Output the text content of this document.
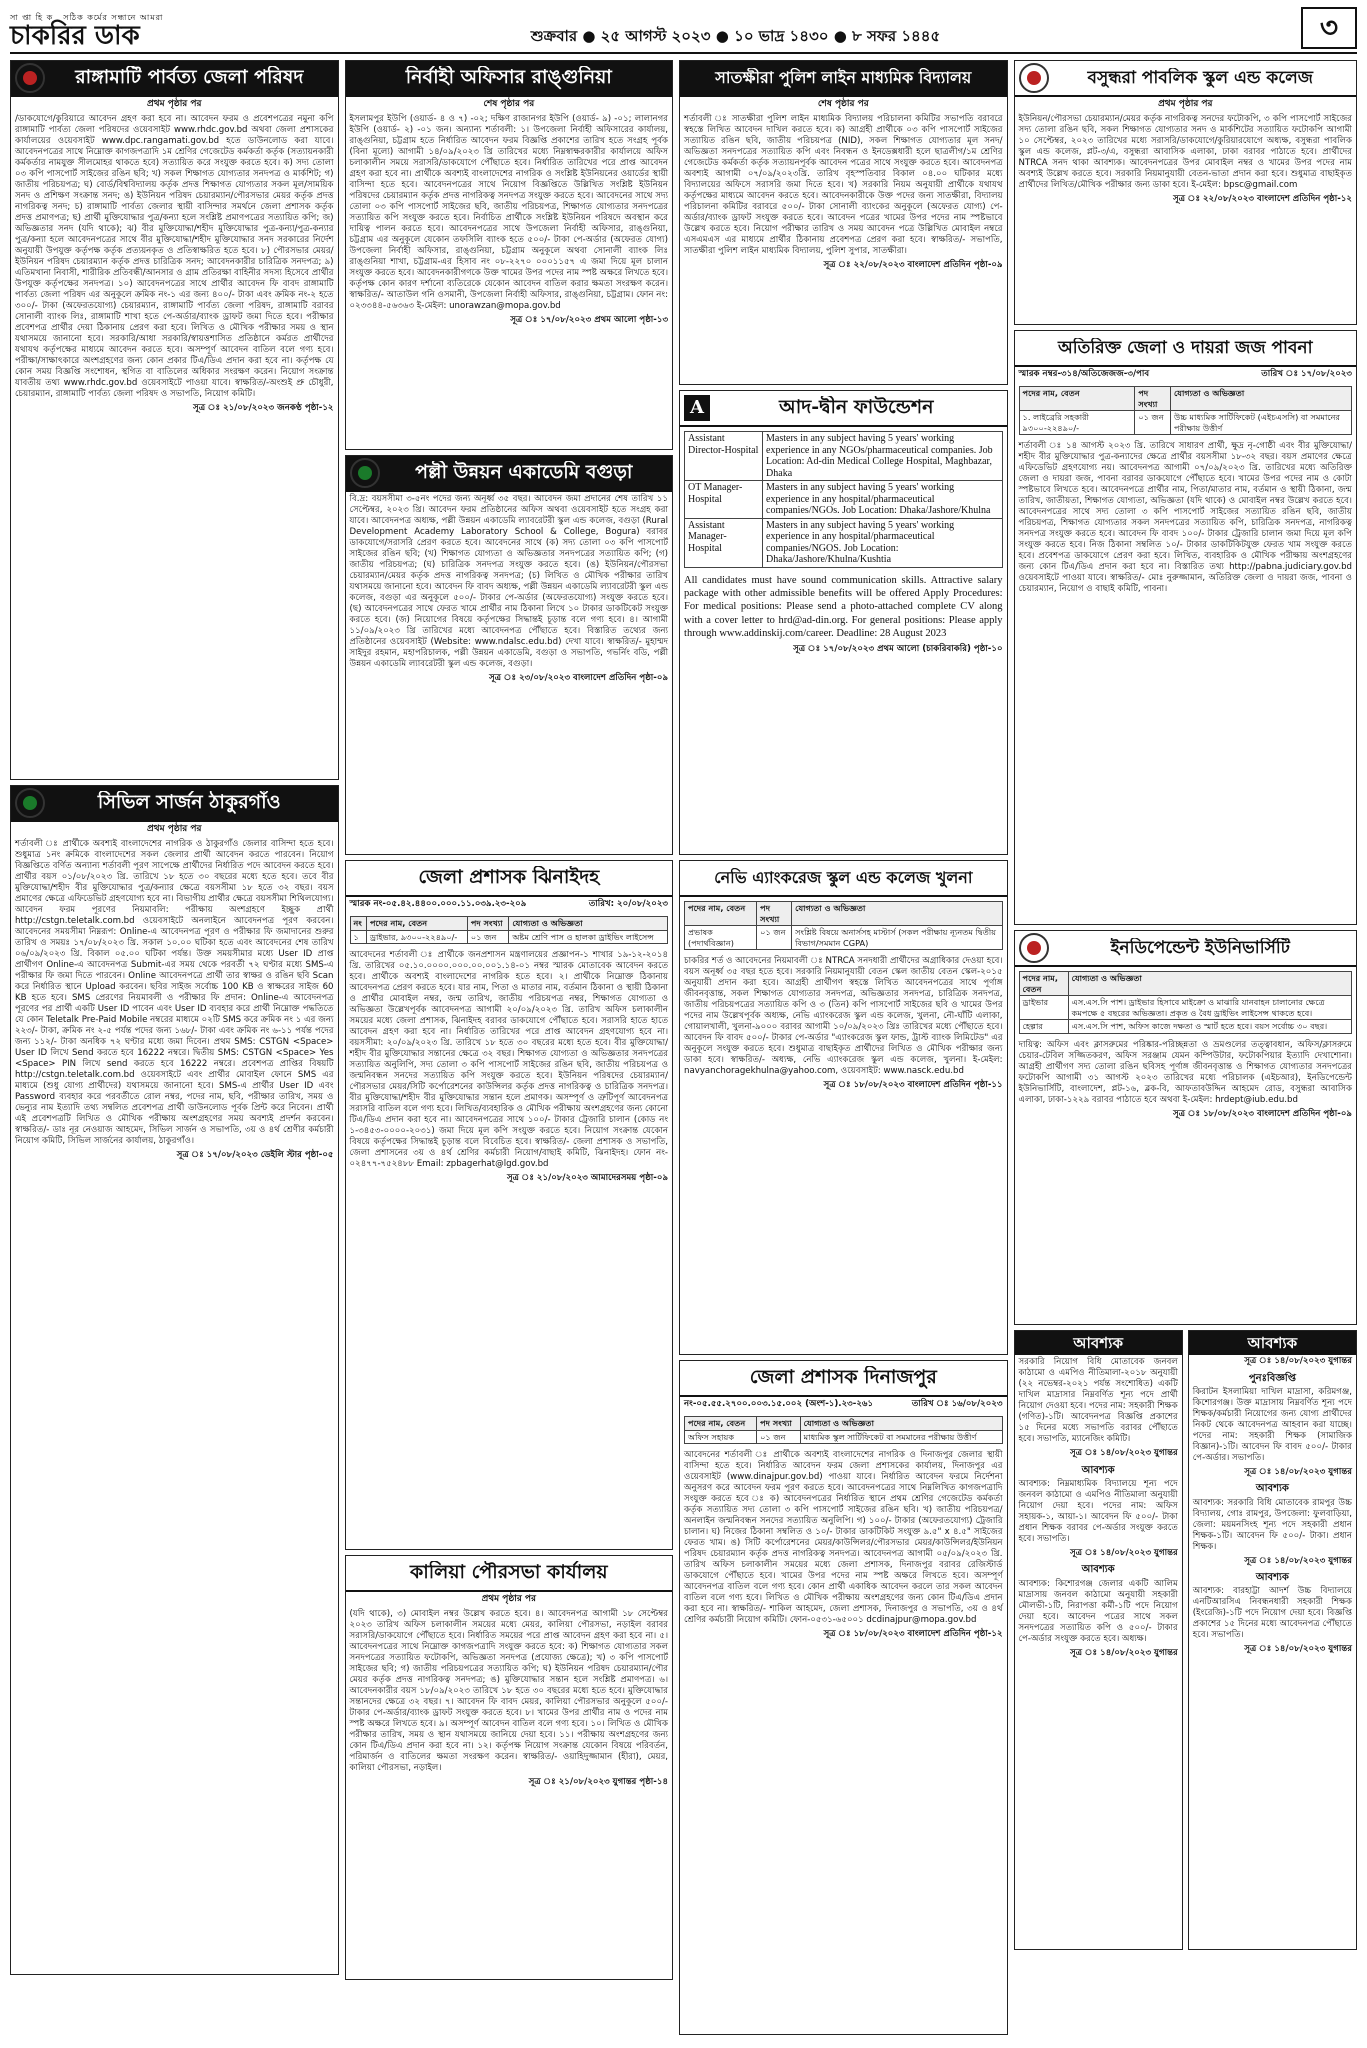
সা প্তা হি ক সঠিক কর্মের সন্ধানে আমরা
চাকরির ডাক	শুক্রবার ● ২৫ আগস্ট ২০২৩ ● ১০ ভাদ্র ১৪৩০ ● ৮ সফর ১৪৪৫	৩
রাঙ্গামাটি পার্বত্য জেলা পরিষদ
প্রথম পৃষ্ঠার পর
/ডাকযোগে/কুরিয়ারে আবেদন গ্রহণ করা হবে না। আবেদন ফরম ও প্রবেশপত্রের নমুনা কপি রাঙ্গামাটি পার্বত্য জেলা পরিষদের ওয়েবসাইট www.rhdc.gov.bd অথবা জেলা প্রশাসকের কার্যালয়ের ওয়েবসাইট www.dpc.rangamati.gov.bd হতে ডাউনলোড করা যাবে। আবেদনপত্রের সাথে নিম্নোক্ত কাগজপত্রাদি ১ম শ্রেণির গেজেটেড কর্মকর্তা কর্তৃক (সত্যায়নকারী কর্মকর্তার নামযুক্ত সীলমোহর থাকতে হবে) সত্যায়িত করে সংযুক্ত করতে হবে। ক) সদ্য তোলা ০৩ কপি পাসপোর্ট সাইজের রঙিন ছবি; খ) সকল শিক্ষাগত যোগ্যতার সনদপত্র ও মার্কশিট; গ) জাতীয় পরিচয়পত্র; ঘ) বোর্ড/বিশ্ববিদ্যালয় কর্তৃক প্রদত্ত শিক্ষাগত যোগ্যতার সকল মূল/সাময়িক সনদ ও প্রশিক্ষণ সংক্রান্ত সনদ; ঙ) ইউনিয়ন পরিষদ চেয়ারম্যান/পৌরসভার মেয়র কর্তৃক প্রদত্ত নাগরিকত্ব সনদ; চ) রাঙ্গামাটি পার্বত্য জেলার স্থায়ী বাসিন্দার সমর্থনে জেলা প্রশাসক কর্তৃক প্রদত্ত প্রমাণপত্র; ছ) প্রার্থী মুক্তিযোদ্ধার পুত্র/কন্যা হলে সংশ্লিষ্ট প্রমাণপত্রের সত্যায়িত কপি; জ) অভিজ্ঞতার সনদ (যদি থাকে); ঝ) বীর মুক্তিযোদ্ধা/শহীদ মুক্তিযোদ্ধার পুত্র-কন্যা/পুত্র-কন্যার পুত্র/কন্যা হলে আবেদনপত্রের সাথে বীর মুক্তিযোদ্ধা/শহীদ মুক্তিযোদ্ধার সনদ সরকারের নির্দেশ অনুযায়ী উপযুক্ত কর্তৃপক্ষ কর্তৃক প্রত্যয়নকৃত ও প্রতিস্বাক্ষরিত হতে হবে। ৮) পৌরসভার মেয়র/ইউনিয়ন পরিষদ চেয়ারম্যান কর্তৃক প্রদত্ত চারিত্রিক সনদ; আবেদনকারীর চারিত্রিক সনদপত্র; ৯) এতিমখানা নিবাসী, শারীরিক প্রতিবন্ধী/আনসার ও গ্রাম প্রতিরক্ষা বাহিনীর সদস্য হিসেবে প্রার্থীর উপযুক্ত কর্তৃপক্ষের সনদপত্র। ১০) আবেদনপত্রের সাথে প্রার্থীর আবেদন ফি বাবদ রাঙ্গামাটি পার্বত্য জেলা পরিষদ এর অনুকূলে ক্রমিক নং-১ এর জন্য ৪০০/- টাকা এবং ক্রমিক নং-২ হতে ৩০০/- টাকা (অফেরতযোগ্য) চেয়ারম্যান, রাঙ্গামাটি পার্বত্য জেলা পরিষদ, রাঙ্গামাটি বরাবর সোনালী ব্যাংক লিঃ, রাঙ্গামাটি শাখা হতে পে-অর্ডার/ব্যাংক ড্রাফট জমা দিতে হবে। পরীক্ষার প্রবেশপত্র প্রার্থীর দেয়া ঠিকানায় প্রেরণ করা হবে। লিখিত ও মৌখিক পরীক্ষার সময় ও স্থান যথাসময়ে জানানো হবে। সরকারি/আধা সরকারি/স্বায়ত্তশাসিত প্রতিষ্ঠানে কর্মরত প্রার্থীদের যথাযথ কর্তৃপক্ষের মাধ্যমে আবেদন করতে হবে। অসম্পূর্ণ আবেদন বাতিল বলে গণ্য হবে। পরীক্ষা/সাক্ষাৎকারে অংশগ্রহণের জন্য কোন প্রকার টিএ/ডিএ প্রদান করা হবে না। কর্তৃপক্ষ যে কোন সময় বিজ্ঞপ্তি সংশোধন, স্থগিত বা বাতিলের অধিকার সংরক্ষণ করেন। নিয়োগ সংক্রান্ত যাবতীয় তথ্য www.rhdc.gov.bd ওয়েবসাইটে পাওয়া যাবে। স্বাক্ষরিত/-অংশুই প্রু চৌধুরী, চেয়ারম্যান, রাঙ্গামাটি পার্বত্য জেলা পরিষদ ও সভাপতি, নিয়োগ কমিটি।
সূত্র ঃ ২১/০৮/২০২৩ জনকণ্ঠ পৃষ্ঠা-১২
সিভিল সার্জন ঠাকুরগাঁও
প্রথম পৃষ্ঠার পর
শর্তাবলী ঃ প্রার্থীকে অবশ্যই বাংলাদেশের নাগরিক ও ঠাকুরগাঁও জেলার বাসিন্দা হতে হবে। শুধুমাত্র ১নং ক্রমিকে বাংলাদেশের সকল জেলার প্রার্থী আবেদন করতে পারবেন। নিয়োগ বিজ্ঞপ্তিতে বর্ণিত অন্যান্য শর্তাবলী পূরণ সাপেক্ষে প্রার্থীদের নির্ধারিত পদে আবেদন করতে হবে। প্রার্থীর বয়স ০১/০৮/২০২৩ খ্রি. তারিখে ১৮ হতে ৩০ বছরের মধ্যে হতে হবে। তবে বীর মুক্তিযোদ্ধা/শহীদ বীর মুক্তিযোদ্ধার পুত্র/কন্যার ক্ষেত্রে বয়সসীমা ১৮ হতে ৩২ বছর। বয়স প্রমাণের ক্ষেত্রে এফিডেভিট গ্রহণযোগ্য হবে না। বিভাগীয় প্রার্থীর ক্ষেত্রে বয়সসীমা শিথিলযোগ্য। আবেদন ফরম পূরণের নিয়মাবলি: পরীক্ষায় অংশগ্রহণে ইচ্ছুক প্রার্থী http://cstgn.teletalk.com.bd ওয়েবসাইটে অনলাইনে আবেদনপত্র পূরণ করবেন। আবেদনের সময়সীমা নিম্নরূপ: Online-এ আবেদনপত্র পূরণ ও পরীক্ষার ফি জমাদানের শুরুর তারিখ ও সময়ঃ ১৭/০৮/২০২৩ খ্রি. সকাল ১০.০০ ঘটিকা হতে এবং আবেদনের শেষ তারিখ ০৬/০৯/২০২৩ খ্রি. বিকাল ০৫.০০ ঘটিকা পর্যন্ত। উক্ত সময়সীমার মধ্যে User ID প্রাপ্ত প্রার্থীগণ Online-এ আবেদনপত্র Submit-এর সময় থেকে পরবর্তী ৭২ ঘণ্টার মধ্যে SMS-এ পরীক্ষার ফি জমা দিতে পারবেন। Online আবেদনপত্রে প্রার্থী তার স্বাক্ষর ও রঙিন ছবি Scan করে নির্ধারিত স্থানে Upload করবেন। ছবির সাইজ সর্বোচ্চ 100 KB ও স্বাক্ষরের সাইজ 60 KB হতে হবে। SMS প্রেরণের নিয়মাবলী ও পরীক্ষার ফি প্রদান: Online-এ আবেদনপত্র পূরণের পর প্রার্থী একটি User ID পাবেন এবং User ID ব্যবহার করে প্রার্থী নিম্নোক্ত পদ্ধতিতে যে কোন Teletalk Pre-Paid Mobile নম্বরের মাধ্যমে ০২টি SMS করে ক্রমিক নং ১ এর জন্য ২২৩/- টাকা, ক্রমিক নং ২-৫ পর্যন্ত পদের জন্য ১৬৮/- টাকা এবং ক্রমিক নং ৬-১১ পর্যন্ত পদের জন্য ১১২/- টাকা অনধিক ৭২ ঘণ্টার মধ্যে জমা দিবেন। প্রথম SMS: CSTGN <Space> User ID লিখে Send করতে হবে 16222 নম্বরে। দ্বিতীয় SMS: CSTGN <Space> Yes <Space> PIN লিখে send করতে হবে 16222 নম্বরে। প্রবেশপত্র প্রাপ্তির বিষয়টি http://cstgn.teletalk.com.bd ওয়েবসাইটে এবং প্রার্থীর মোবাইল ফোনে SMS এর মাধ্যমে (শুধু যোগ্য প্রার্থীদের) যথাসময়ে জানানো হবে। SMS-এ প্রার্থীর User ID এবং Password ব্যবহার করে পরবর্তীতে রোল নম্বর, পদের নাম, ছবি, পরীক্ষার তারিখ, সময় ও ভেন্যুর নাম ইত্যাদি তথ্য সম্বলিত প্রবেশপত্র প্রার্থী ডাউনলোড পূর্বক প্রিন্ট করে নিবেন। প্রার্থী এই প্রবেশপত্রটি লিখিত ও মৌখিক পরীক্ষায় অংশগ্রহণের সময় অবশ্যই প্রদর্শন করবেন। স্বাক্ষরিত/- ডাঃ নূর নেওয়াজ আহমেদ, সিভিল সার্জন ও সভাপতি, ৩য় ও ৪র্থ শ্রেণীর কর্মচারী নিয়োগ কমিটি, সিভিল সার্জনের কার্যালয়, ঠাকুরগাঁও।
সূত্র ঃ ১৭/০৮/২০২৩ ডেইলি স্টার পৃষ্ঠা-০৫
নির্বাহী অফিসার রাঙ্গুনিয়া
শেষ পৃষ্ঠার পর
ইসলামপুর ইউপি (ওয়ার্ড- ৪ ও ৭) -০২; দক্ষিণ রাজানগর ইউপি (ওয়ার্ড- ৯) -০১; লালানগর ইউপি (ওয়ার্ড- ২) -০১ জন। অন্যান্য শর্তাবলী: ১। উপজেলা নির্বাহী অফিসারের কার্যালয়, রাঙ্গুনিয়া, চট্টগ্রাম হতে নির্ধারিত আবেদন ফরম বিজ্ঞপ্তি প্রকাশের তারিখ হতে সংগ্রহ পূর্বক (বিনা মূল্যে) আগামী ১৪/০৯/২০২৩ খ্রি তারিখের মধ্যে নিম্নস্বাক্ষরকারীর কার্যালয়ে অফিস চলাকালীন সময়ে সরাসরি/ডাকযোগে পৌঁছাতে হবে। নির্ধারিত তারিখের পরে প্রাপ্ত আবেদন গ্রহণ করা হবে না। প্রার্থীকে অবশ্যই বাংলাদেশের নাগরিক ও সংশ্লিষ্ট ইউনিয়নের ওয়ার্ডের স্থায়ী বাসিন্দা হতে হবে। আবেদনপত্রের সাথে নিয়োগ বিজ্ঞপ্তিতে উল্লিখিত সংশ্লিষ্ট ইউনিয়ন পরিষদের চেয়ারম্যান কর্তৃক প্রদত্ত নাগরিকত্ব সনদপত্র সংযুক্ত করতে হবে। আবেদনের সাথে সদ্য তোলা ০৩ কপি পাসপোর্ট সাইজের ছবি, জাতীয় পরিচয়পত্র, শিক্ষাগত যোগ্যতার সনদপত্রের সত্যায়িত কপি সংযুক্ত করতে হবে। নির্বাচিত প্রার্থীকে সংশ্লিষ্ট ইউনিয়ন পরিষদে অবস্থান করে দায়িত্ব পালন করতে হবে। আবেদনপত্রের সাথে উপজেলা নির্বাহী অফিসার, রাঙ্গুনিয়া, চট্টগ্রাম এর অনুকূলে যেকোন তফসিলি ব্যাংক হতে ৫০০/- টাকা পে-অর্ডার (অফেরত যোগ্য) উপজেলা নির্বাহী অফিসার, রাঙ্গুনিয়া, চট্টগ্রাম অনুকূলে অথবা সোনালী ব্যাংক লিঃ রাঙ্গুনিয়া শাখা, চট্টগ্রাম-এর হিসাব নং ০৮-২২৭০ ০০০১১৫৭ এ জমা দিয়ে মূল চালান সংযুক্ত করতে হবে। আবেদনকারীগণকে উক্ত খামের উপর পদের নাম স্পষ্ট অক্ষরে লিখতে হবে। কর্তৃপক্ষ কোন কারণ দর্শানো ব্যতিরেকে যেকোন আবেদন বাতিল করার ক্ষমতা সংরক্ষণ করেন। স্বাক্ষরিত/- আতাউল গনি ওসমানী, উপজেলা নির্বাহী অফিসার, রাঙ্গুনিয়া, চট্টগ্রাম। ফোন নং: ০২৩৩৪৪-৫৬৩৬৩ ই-মেইল: unorawzan@mopa.gov.bd
সূত্র ঃ ১৭/০৮/২০২৩ প্রথম আলো পৃষ্ঠা-১৩
পল্লী উন্নয়ন একাডেমি বগুড়া
বি.দ্র: বয়সসীমা ৩-৫নং পদের জন্য অনূর্ধ্ব ৩৫ বছর। আবেদন জমা প্রদানের শেষ তারিখ ১১ সেপ্টেম্বর, ২০২৩ খ্রি। আবেদন ফরম প্রতিষ্ঠানের অফিস অথবা ওয়েবসাইট হতে সংগ্রহ করা যাবে। আবেদনপত্র অধ্যক্ষ, পল্লী উন্নয়ন একাডেমি ল্যাবরেটরী স্কুল এন্ড কলেজ, বগুড়া (Rural Development Academy Laboratory School & College, Bogura) বরাবর ডাকযোগে/সরাসরি প্রেরণ করতে হবে। আবেদনের সাথে (ক) সদ্য তোলা ০৩ কপি পাসপোর্ট সাইজের রঙিন ছবি; (খ) শিক্ষাগত যোগ্যতা ও অভিজ্ঞতার সনদপত্রের সত্যায়িত কপি; (গ) জাতীয় পরিচয়পত্র; (ঘ) চারিত্রিক সনদপত্র সংযুক্ত করতে হবে। (ঙ) ইউনিয়ন/পৌরসভা চেয়ারম্যান/মেয়র কর্তৃক প্রদত্ত নাগরিকত্ব সনদপত্র; (চ) লিখিত ও মৌখিক পরীক্ষার তারিখ যথাসময়ে জানানো হবে। আবেদন ফি বাবদ অধ্যক্ষ, পল্লী উন্নয়ন একাডেমি ল্যাবরেটরী স্কুল এন্ড কলেজ, বগুড়া এর অনুকূলে ৫০০/- টাকার পে-অর্ডার (অফেরতযোগ্য) সংযুক্ত করতে হবে। (ছ) আবেদনপত্রের সাথে ফেরত খামে প্রার্থীর নাম ঠিকানা লিখে ১০ টাকার ডাকটিকেট সংযুক্ত করতে হবে। (জ) নিয়োগের বিষয়ে কর্তৃপক্ষের সিদ্ধান্তই চূড়ান্ত বলে গণ্য হবে। ৪। আগামী ১১/০৯/২০২৩ খ্রি তারিখের মধ্যে আবেদনপত্র পৌঁছাতে হবে। বিস্তারিত তথ্যের জন্য প্রতিষ্ঠানের ওয়েবসাইট (Website: www.ndalsc.edu.bd) দেখা যাবে। স্বাক্ষরিত/- মুহাম্মদ সাইদুর রহমান, মহাপরিচালক, পল্লী উন্নয়ন একাডেমি, বগুড়া ও সভাপতি, গভর্নিং বডি, পল্লী উন্নয়ন একাডেমি ল্যাবরেটরী স্কুল এন্ড কলেজ, বগুড়া।
সূত্র ঃ ২৩/০৮/২০২৩ বাংলাদেশ প্রতিদিন পৃষ্ঠা-০৯
জেলা প্রশাসক ঝিনাইদহ
স্মারক নং-০৫.৪২.৪৪০০.০০০.১১.০৩৯.২৩-২০৯	তারিখ: ২০/০৮/২০২৩
নং	পদের নাম, বেতন	পদ সংখ্যা	যোগ্যতা ও অভিজ্ঞতা
১	ড্রাইভার, ৯৩০০-২২৪৯০/-	০১ জন	অষ্টম শ্রেণি পাস ও হালকা ড্রাইভিং লাইসেন্স
আবেদনের শর্তাবলী ঃ প্রার্থীকে জনপ্রশাসন মন্ত্রণালয়ের প্রজ্ঞাপন-১ শাখার ১৯-১২-২০১৪ খ্রি. তারিখের ০৫.১০.০০০০.০০০.০০.০০১.১৪-০১ নম্বর স্মারক মোতাবেক আবেদন করতে হবে। প্রার্থীকে অবশ্যই বাংলাদেশের নাগরিক হতে হবে। ২। প্রার্থীকে নিম্নোক্ত ঠিকানায় আবেদনপত্র প্রেরণ করতে হবে। যার নাম, পিতা ও মাতার নাম, বর্তমান ঠিকানা ও স্থায়ী ঠিকানা ও প্রার্থীর মোবাইল নম্বর, জন্ম তারিখ, জাতীয় পরিচয়পত্র নম্বর, শিক্ষাগত যোগ্যতা ও অভিজ্ঞতা উল্লেখপূর্বক আবেদনপত্র আগামী ২০/০৯/২০২৩ খ্রি. তারিখ অফিস চলাকালীন সময়ের মধ্যে জেলা প্রশাসক, ঝিনাইদহ বরাবর ডাকযোগে পৌঁছাতে হবে। সরাসরি হাতে হাতে আবেদন গ্রহণ করা হবে না। নির্ধারিত তারিখের পরে প্রাপ্ত আবেদন গ্রহণযোগ্য হবে না। বয়সসীমা: ২০/০৯/২০২৩ খ্রি. তারিখে ১৮ হতে ৩০ বছরের মধ্যে হতে হবে। বীর মুক্তিযোদ্ধা/শহীদ বীর মুক্তিযোদ্ধার সন্তানের ক্ষেত্রে ৩২ বছর। শিক্ষাগত যোগ্যতা ও অভিজ্ঞতার সনদপত্রের সত্যায়িত অনুলিপি, সদ্য তোলা ৩ কপি পাসপোর্ট সাইজের রঙিন ছবি, জাতীয় পরিচয়পত্র ও জন্মনিবন্ধন সনদের সত্যায়িত কপি সংযুক্ত করতে হবে। ইউনিয়ন পরিষদের চেয়ারম্যান/পৌরসভার মেয়র/সিটি কর্পোরেশনের কাউন্সিলর কর্তৃক প্রদত্ত নাগরিকত্ব ও চারিত্রিক সনদপত্র। বীর মুক্তিযোদ্ধা/শহীদ বীর মুক্তিযোদ্ধার সন্তান হলে প্রমাণক। অসম্পূর্ণ ও ত্রুটিপূর্ণ আবেদনপত্র সরাসরি বাতিল বলে গণ্য হবে। লিখিত/ব্যবহারিক ও মৌখিক পরীক্ষায় অংশগ্রহণের জন্য কোনো টিএ/ডিএ প্রদান করা হবে না। আবেদনপত্রের সাথে ১০০/- টাকার ট্রেজারি চালান (কোড নং ১-৩৪৫৩-০০০০-২০৩১) জমা দিয়ে মূল কপি সংযুক্ত করতে হবে। নিয়োগ সংক্রান্ত যেকোন বিষয়ে কর্তৃপক্ষের সিদ্ধান্তই চূড়ান্ত বলে বিবেচিত হবে। স্বাক্ষরিত/- জেলা প্রশাসক ও সভাপতি, জেলা প্রশাসনের ৩য় ও ৪র্থ শ্রেণির কর্মচারী নিয়োগ/বাছাই কমিটি, ঝিনাইদহ। ফোন নং- ০২৪৭৭-৭৫২৪৮৮ Email: zpbagerhat@lgd.gov.bd
সূত্র ঃ ২১/০৮/২০২৩ আমাদেরসময় পৃষ্ঠা-০৯
কালিয়া পৌরসভা কার্যালয়
প্রথম পৃষ্ঠার পর
(যদি থাকে), ৩) মোবাইল নম্বর উল্লেখ করতে হবে। ৪। আবেদনপত্র আগামী ১৮ সেপ্টেম্বর ২০২৩ তারিখ অফিস চলাকালীন সময়ের মধ্যে মেয়র, কালিয়া পৌরসভা, নড়াইল বরাবর সরাসরি/ডাকযোগে পৌঁছাতে হবে। নির্ধারিত সময়ের পরে প্রাপ্ত আবেদন গ্রহণ করা হবে না। ৫। আবেদনপত্রের সাথে নিম্নোক্ত কাগজপত্রাদি সংযুক্ত করতে হবে: ক) শিক্ষাগত যোগ্যতার সকল সনদপত্রের সত্যায়িত ফটোকপি, অভিজ্ঞতা সনদপত্র (প্রযোজ্য ক্ষেত্রে); খ) ৩ কপি পাসপোর্ট সাইজের ছবি; গ) জাতীয় পরিচয়পত্রের সত্যায়িত কপি; ঘ) ইউনিয়ন পরিষদ চেয়ারম্যান/পৌর মেয়র কর্তৃক প্রদত্ত নাগরিকত্ব সনদপত্র; ঙ) মুক্তিযোদ্ধার সন্তান হলে সংশ্লিষ্ট প্রমাণপত্র। ৬। আবেদনকারীর বয়স ১৮/০৯/২০২৩ তারিখে ১৮ হতে ৩০ বছরের মধ্যে হতে হবে। মুক্তিযোদ্ধার সন্তানদের ক্ষেত্রে ৩২ বছর। ৭। আবেদন ফি বাবদ মেয়র, কালিয়া পৌরসভার অনুকূলে ৫০০/- টাকার পে-অর্ডার/ব্যাংক ড্রাফট সংযুক্ত করতে হবে। ৮। খামের উপর প্রার্থীর নাম ও পদের নাম স্পষ্ট অক্ষরে লিখতে হবে। ৯। অসম্পূর্ণ আবেদন বাতিল বলে গণ্য হবে। ১০। লিখিত ও মৌখিক পরীক্ষার তারিখ, সময় ও স্থান যথাসময়ে জানিয়ে দেয়া হবে। ১১। পরীক্ষায় অংশগ্রহণের জন্য কোন টিএ/ডিএ প্রদান করা হবে না। ১২। কর্তৃপক্ষ নিয়োগ সংক্রান্ত যেকোন বিষয়ে পরিবর্তন, পরিমার্জন ও বাতিলের ক্ষমতা সংরক্ষণ করেন। স্বাক্ষরিত/- ওয়াহিদুজ্জামান (হীরা), মেয়র, কালিয়া পৌরসভা, নড়াইল।
সূত্র ঃ ২১/০৮/২০২৩ যুগান্তর পৃষ্ঠা-১৪
সাতক্ষীরা পুলিশ লাইন মাধ্যমিক বিদ্যালয়
শেষ পৃষ্ঠার পর
শর্তাবলী ঃ সাতক্ষীরা পুলিশ লাইন মাধ্যমিক বিদ্যালয় পরিচালনা কমিটির সভাপতি বরাবরে স্বহস্তে লিখিত আবেদন দাখিল করতে হবে। ক) আগ্রহী প্রার্থীকে ০৩ কপি পাসপোর্ট সাইজের সত্যায়িত রঙিন ছবি, জাতীয় পরিচয়পত্র (NID), সকল শিক্ষাগত যোগ্যতার মূল সনদ/অভিজ্ঞতা সনদপত্রের সত্যায়িত কপি এবং নিবন্ধন ও ইনডেক্সধারী হলে ছাত্রলীগ/১ম শ্রেণির গেজেটেড কর্মকর্তা কর্তৃক সত্যায়নপূর্বক আবেদন পত্রের সাথে সংযুক্ত করতে হবে। আবেদনপত্র অবশ্যই আগামী ০৭/০৯/২০২৩খ্রি. তারিখ বৃহস্পতিবার বিকাল ০৪.০০ ঘটিকার মধ্যে বিদ্যালয়ের অফিসে সরাসরি জমা দিতে হবে। খ) সরকারি নিয়ম অনুযায়ী প্রার্থীকে যথাযথ কর্তৃপক্ষের মাধ্যমে আবেদন করতে হবে। আবেদনকারীকে উক্ত পদের জন্য সাতক্ষীরা, বিদ্যালয় পরিচালনা কমিটির বরাবরে ৫০০/- টাকা সোনালী ব্যাংকের অনুকূলে (অফেরত যোগ্য) পে-অর্ডার/ব্যাংক ড্রাফট সংযুক্ত করতে হবে। আবেদন পত্রের খামের উপর পদের নাম স্পষ্টভাবে উল্লেখ করতে হবে। নিয়োগ পরীক্ষার তারিখ ও সময় আবেদন পত্রে উল্লিখিত মোবাইল নম্বরে এসএমএস এর মাধ্যমে প্রার্থীর ঠিকানায় প্রবেশপত্র প্রেরণ করা হবে। স্বাক্ষরিত/- সভাপতি, সাতক্ষীরা পুলিশ লাইন মাধ্যমিক বিদ্যালয়, পুলিশ সুপার, সাতক্ষীরা।
সূত্র ঃ ২২/০৮/২০২৩ বাংলাদেশ প্রতিদিন পৃষ্ঠা-০৯
A	আদ-দ্বীন ফাউন্ডেশন
Assistant Director-Hospital	Masters in any subject having 5 years' working experience in any NGOs/pharmaceutical companies. Job Location: Ad-din Medical College Hospital, Maghbazar, Dhaka
OT Manager-Hospital	Masters in any subject having 5 years' working experience in any hospital/pharmaceutical companies/NGOs. Job Location: Dhaka/Jashore/Khulna
Assistant Manager-Hospital	Masters in any subject having 5 years' working experience in any hospital/pharmaceutical companies/NGOS. Job Location: Dhaka/Jashore/Khulna/Kushtia
All candidates must have sound communication skills. Attractive salary package with other admissible benefits will be offered Apply Procedures: For medical positions: Please send a photo-attached complete CV along with a cover letter to hrd@ad-din.org. For general positions: Please apply through www.addinskij.com/career. Deadline: 28 August 2023
সূত্র ঃ ১৭/০৮/২০২৩ প্রথম আলো (চাকরিবাকরি) পৃষ্ঠা-১০
নেভি এ্যাংকরেজ স্কুল এন্ড কলেজ খুলনা
পদের নাম, বেতন	পদ সংখ্যা	যোগ্যতা ও অভিজ্ঞতা
প্রভাষক (পদার্থবিজ্ঞান)	০১ জন	সংশ্লিষ্ট বিষয়ে অনার্সসহ মাস্টার্স (সকল পরীক্ষায় ন্যূনতম দ্বিতীয় বিভাগ/সমমান CGPA)
চাকরির শর্ত ও আবেদনের নিয়মাবলী ঃ NTRCA সনদধারী প্রার্থীদের অগ্রাধিকার দেওয়া হবে। বয়স অনূর্ধ্ব ৩৫ বছর হতে হবে। সরকারি নিয়মানুযায়ী বেতন স্কেল জাতীয় বেতন স্কেল-২০১৫ অনুযায়ী প্রদান করা হবে। আগ্রহী প্রার্থীগণ স্বহস্তে লিখিত আবেদনপত্রের সাথে পূর্ণাঙ্গ জীবনবৃত্তান্ত, সকল শিক্ষাগত যোগ্যতার সনদপত্র, অভিজ্ঞতার সনদপত্র, চারিত্রিক সনদপত্র, জাতীয় পরিচয়পত্রের সত্যায়িত কপি ও ৩ (তিন) কপি পাসপোর্ট সাইজের ছবি ও খামের উপর পদের নাম উল্লেখপূর্বক অধ্যক্ষ, নেভি এ্যাংকরেজ স্কুল এন্ড কলেজ, খুলনা, নৌ-ঘাঁটি এলাকা, গোয়ালখালী, খুলনা-৯০০০ বরাবর আগামী ১০/০৯/২০২৩ খ্রিঃ তারিখের মধ্যে পৌঁছাতে হবে। আবেদন ফি বাবদ ৫০০/- টাকার পে-অর্ডার "এ্যাংকরেজ স্কুল ফান্ড, ট্রাস্ট ব্যাংক লিমিটেড" এর অনুকূলে সংযুক্ত করতে হবে। শুধুমাত্র বাছাইকৃত প্রার্থীদের লিখিত ও মৌখিক পরীক্ষার জন্য ডাকা হবে। স্বাক্ষরিত/- অধ্যক্ষ, নেভি এ্যাংকরেজ স্কুল এন্ড কলেজ, খুলনা। ই-মেইল: navyanchoragekhulna@yahoo.com, ওয়েবসাইট: www.nasck.edu.bd
সূত্র ঃ ১৮/০৮/২০২৩ বাংলাদেশ প্রতিদিন পৃষ্ঠা-১১
জেলা প্রশাসক দিনাজপুর
নং-০৫.৫৫.২৭০০.০০৩.১৫.০০২ (অংশ-১).২৩-২৬১	তারিখ ঃ ১৬/০৮/২০২৩
পদের নাম, বেতন	পদ সংখ্যা	যোগ্যতা ও অভিজ্ঞতা
অফিস সহায়ক	০১ জন	মাধ্যমিক স্কুল সার্টিফিকেট বা সমমানের পরীক্ষায় উত্তীর্ণ
আবেদনের শর্তাবলী ঃ প্রার্থীকে অবশ্যই বাংলাদেশের নাগরিক ও দিনাজপুর জেলার স্থায়ী বাসিন্দা হতে হবে। নির্ধারিত আবেদন ফরম জেলা প্রশাসকের কার্যালয়, দিনাজপুর এর ওয়েবসাইট (www.dinajpur.gov.bd) পাওয়া যাবে। নির্ধারিত আবেদন ফরমে নির্দেশনা অনুসরণ করে আবেদন ফরম পূরণ করতে হবে। আবেদনপত্রের সাথে নিম্নলিখিত কাগজপত্রাদি সংযুক্ত করতে হবে ঃ ক) আবেদনপত্রের নির্ধারিত স্থানে প্রথম শ্রেণির গেজেটেড কর্মকর্তা কর্তৃক সত্যায়িত সদ্য তোলা ৩ কপি পাসপোর্ট সাইজের রঙিন ছবি। খ) জাতীয় পরিচয়পত্র/অনলাইন জন্মনিবন্ধন সনদের সত্যায়িত অনুলিপি। গ) ১০০/- টাকার (অফেরতযোগ্য) ট্রেজারি চালান। ঘ) নিজের ঠিকানা সম্বলিত ও ১০/- টাকার ডাকটিকিট সংযুক্ত ৯.৫" x ৪.৫" সাইজের ফেরত খাম। ঙ) সিটি কর্পোরেশনের মেয়র/কাউন্সিলর/পৌরসভার মেয়র/কাউন্সিলর/ইউনিয়ন পরিষদ চেয়ারম্যান কর্তৃক প্রদত্ত নাগরিকত্ব সনদপত্র। আবেদনপত্র আগামী ০৫/০৯/২০২৩ খ্রি. তারিখ অফিস চলাকালীন সময়ের মধ্যে জেলা প্রশাসক, দিনাজপুর বরাবর রেজিস্টার্ড ডাকযোগে পৌঁছাতে হবে। খামের উপর পদের নাম স্পষ্ট অক্ষরে লিখতে হবে। অসম্পূর্ণ আবেদনপত্র বাতিল বলে গণ্য হবে। কোন প্রার্থী একাধিক আবেদন করলে তার সকল আবেদন বাতিল বলে গণ্য হবে। লিখিত ও মৌখিক পরীক্ষায় অংশগ্রহণের জন্য কোন টিএ/ডিএ প্রদান করা হবে না। স্বাক্ষরিত/- শাকিল আহমেদ, জেলা প্রশাসক, দিনাজপুর ও সভাপতি, ৩য় ও ৪র্থ শ্রেণির কর্মচারী নিয়োগ কমিটি। ফোন-০৫৩১-৬৫০০১ dcdinajpur@mopa.gov.bd
সূত্র ঃ ১৮/০৮/২০২৩ বাংলাদেশ প্রতিদিন পৃষ্ঠা-১২
বসুন্ধরা পাবলিক স্কুল এন্ড কলেজ
প্রথম পৃষ্ঠার পর
ইউনিয়ন/পৌরসভা চেয়ারম্যান/মেয়র কর্তৃক নাগরিকত্ব সনদের ফটোকপি, ৩ কপি পাসপোর্ট সাইজের সদ্য তোলা রঙিন ছবি, সকল শিক্ষাগত যোগ্যতার সনদ ও মার্কশিটের সত্যায়িত ফটোকপি আগামী ১০ সেপ্টেম্বর, ২০২৩ তারিখের মধ্যে সরাসরি/ডাকযোগে/কুরিয়ারযোগে অধ্যক্ষ, বসুন্ধরা পাবলিক স্কুল এন্ড কলেজ, প্লট-৩/এ, বসুন্ধরা আবাসিক এলাকা, ঢাকা বরাবর পাঠাতে হবে। প্রার্থীদের NTRCA সনদ থাকা আবশ্যক। আবেদনপত্রের উপর মোবাইল নম্বর ও খামের উপর পদের নাম অবশ্যই উল্লেখ করতে হবে। সরকারি নিয়মানুযায়ী বেতন-ভাতা প্রদান করা হবে। শুধুমাত্র বাছাইকৃত প্রার্থীদের লিখিত/মৌখিক পরীক্ষার জন্য ডাকা হবে। ই-মেইল: bpsc@gmail.com
সূত্র ঃ ২২/০৮/২০২৩ বাংলাদেশ প্রতিদিন পৃষ্ঠা-১২
অতিরিক্ত জেলা ও দায়রা জজ পাবনা
স্মারক নম্বর-৩১৪/অতিজেজজ-৩/পাব	তারিখ ঃ ১৭/০৮/২০২৩
পদের নাম, বেতন	পদ সংখ্যা	যোগ্যতা ও অভিজ্ঞতা
১. লাইব্রেরি সহকারী ৯৩০০-২২৪৯০/-	০১ জন	উচ্চ মাধ্যমিক সার্টিফিকেট (এইচএসসি) বা সমমানের পরীক্ষায় উত্তীর্ণ
শর্তাবলী ঃ ১৪ আগস্ট ২০২৩ খ্রি. তারিখে সাধারণ প্রার্থী, ক্ষুদ্র নৃ-গোষ্ঠী এবং বীর মুক্তিযোদ্ধা/শহীদ বীর মুক্তিযোদ্ধার পুত্র-কন্যাদের ক্ষেত্রে প্রার্থীর বয়সসীমা ১৮-৩২ বছর। বয়স প্রমাণের ক্ষেত্রে এফিডেভিট গ্রহণযোগ্য নয়। আবেদনপত্র আগামী ০৭/০৯/২০২৩ খ্রি. তারিখের মধ্যে অতিরিক্ত জেলা ও দায়রা জজ, পাবনা বরাবর ডাকযোগে পৌঁছাতে হবে। খামের উপর পদের নাম ও কোটা স্পষ্টভাবে লিখতে হবে। আবেদনপত্রে প্রার্থীর নাম, পিতা/মাতার নাম, বর্তমান ও স্থায়ী ঠিকানা, জন্ম তারিখ, জাতীয়তা, শিক্ষাগত যোগ্যতা, অভিজ্ঞতা (যদি থাকে) ও মোবাইল নম্বর উল্লেখ করতে হবে। আবেদনপত্রের সাথে সদ্য তোলা ৩ কপি পাসপোর্ট সাইজের সত্যায়িত রঙিন ছবি, জাতীয় পরিচয়পত্র, শিক্ষাগত যোগ্যতার সকল সনদপত্রের সত্যায়িত কপি, চারিত্রিক সনদপত্র, নাগরিকত্ব সনদপত্র সংযুক্ত করতে হবে। আবেদন ফি বাবদ ১০০/- টাকার ট্রেজারি চালান জমা দিয়ে মূল কপি সংযুক্ত করতে হবে। নিজ ঠিকানা সম্বলিত ১০/- টাকার ডাকটিকিটযুক্ত ফেরত খাম সংযুক্ত করতে হবে। প্রবেশপত্র ডাকযোগে প্রেরণ করা হবে। লিখিত, ব্যবহারিক ও মৌখিক পরীক্ষায় অংশগ্রহণের জন্য কোন টিএ/ডিএ প্রদান করা হবে না। বিস্তারিত তথ্য http://pabna.judiciary.gov.bd ওয়েবসাইটে পাওয়া যাবে। স্বাক্ষরিত/- মোঃ নুরুজ্জামান, অতিরিক্ত জেলা ও দায়রা জজ, পাবনা ও চেয়ারম্যান, নিয়োগ ও বাছাই কমিটি, পাবনা।
ইনডিপেন্ডেন্ট ইউনিভার্সিটি
পদের নাম, বেতন	যোগ্যতা ও অভিজ্ঞতা
ড্রাইভার	এস.এস.সি পাশ। ড্রাইভার হিসাবে মাইক্রো ও মাঝারি যানবাহন চালানোর ক্ষেত্রে কমপক্ষে ৫ বছরের অভিজ্ঞতা। প্রকৃত ও বৈধ ড্রাইভিং লাইসেন্স থাকতে হবে।
হেল্পার	এস.এস.সি পাশ, অফিস কাজে দক্ষতা ও স্মার্ট হতে হবে। বয়স সর্বোচ্চ ৩০ বছর।
দায়িত্ব: অফিস এবং ক্লাসরুমের পরিষ্কার-পরিচ্ছন্নতা ও ভ্রমণ্ডলের তত্ত্বাবধান, অফিস/ক্লাসরুমে চেয়ার-টেবিল সজ্জিতকরণ, অফিস সরঞ্জাম যেমন কম্পিউটার, ফটোকপিয়ার ইত্যাদি দেখাশোনা। আগ্রহী প্রার্থীগণ সদ্য তোলা রঙিন ছবিসহ পূর্ণাঙ্গ জীবনবৃত্তান্ত ও শিক্ষাগত যোগ্যতার সনদপত্রের ফটোকপি আগামী ৩১ আগস্ট ২০২৩ তারিখের মধ্যে পরিচালক (এইচআর), ইনডিপেন্ডেন্ট ইউনিভার্সিটি, বাংলাদেশ, প্লট-১৬, ব্লক-বি, আফতাবউদ্দিন আহমেদ রোড, বসুন্ধরা আবাসিক এলাকা, ঢাকা-১২২৯ বরাবর পাঠাতে হবে অথবা ই-মেইল: hrdept@iub.edu.bd
সূত্র ঃ ১৮/০৮/২০২৩ বাংলাদেশ প্রতিদিন পৃষ্ঠা-০৯
আবশ্যক
সরকারি নিয়োগ বিধি মোতাবেক জনবল কাঠামো ও এমপিও নীতিমালা-২০১৮ অনুযায়ী (২২ নভেম্বর-২০২১ পর্যন্ত সংশোধিত) একটি দাখিল মাদ্রাসার নিম্নবর্ণিত শূন্য পদে প্রার্থী নিয়োগ দেওয়া হবে। পদের নাম: সহকারী শিক্ষক (গণিত)-১টি। আবেদনপত্র বিজ্ঞপ্তি প্রকাশের ১৫ দিনের মধ্যে সভাপতি বরাবর পৌঁছাতে হবে। সভাপতি, ম্যানেজিং কমিটি।
সূত্র ঃ ১৪/০৮/২০২৩ যুগান্তর
আবশ্যক
আবশ্যক: নিম্নমাধ্যমিক বিদ্যালয়ে শূন্য পদে জনবল কাঠামো ও এমপিও নীতিমালা অনুযায়ী নিয়োগ দেয়া হবে। পদের নাম: অফিস সহায়ক-১, আয়া-১। আবেদন ফি ৫০০/- টাকা প্রধান শিক্ষক বরাবর পে-অর্ডার সংযুক্ত করতে হবে। সভাপতি।
সূত্র ঃ ১৪/০৮/২০২৩ যুগান্তর
আবশ্যক
আবশ্যক: কিশোরগঞ্জ জেলার একটি আলিম মাদ্রাসায় জনবল কাঠামো অনুযায়ী সহকারী মৌলভী-১টি, নিরাপত্তা কর্মী-১টি পদে নিয়োগ দেয়া হবে। আবেদন পত্রের সাথে সকল সনদপত্রের সত্যায়িত কপি ও ৫০০/- টাকার পে-অর্ডার সংযুক্ত করতে হবে। অধ্যক্ষ।
সূত্র ঃ ১৪/০৮/২০২৩ যুগান্তর
আবশ্যক
সূত্র ঃ ১৪/০৮/২০২৩ যুগান্তর
পুনঃবিজ্ঞপ্তি
কিরাটন ইসলামিয়া দাখিল মাদ্রাসা, করিমগঞ্জ, কিশোরগঞ্জ। উক্ত মাদ্রাসায় নিম্নবর্ণিত শূন্য পদে শিক্ষক/কর্মচারী নিয়োগের জন্য যোগ্য প্রার্থীদের নিকট থেকে আবেদনপত্র আহবান করা যাচ্ছে। পদের নাম: সহকারী শিক্ষক (সামাজিক বিজ্ঞান)-১টি। আবেদন ফি বাবদ ৫০০/- টাকার পে-অর্ডার। সভাপতি।
সূত্র ঃ ১৪/০৮/২০২৩ যুগান্তর
আবশ্যক
আবশ্যক: সরকারি বিধি মোতাবেক রামপুর উচ্চ বিদ্যালয়, গোঃ রামপুর, উপজেলা: ফুলবাড়িয়া, জেলা: ময়মনসিংহ শূন্য পদে সহকারী প্রধান শিক্ষক-১টি। আবেদন ফি ৫০০/- টাকা। প্রধান শিক্ষক।
সূত্র ঃ ১৪/০৮/২০২৩ যুগান্তর
আবশ্যক
আবশ্যক: বারহাট্টা আদর্শ উচ্চ বিদ্যালয়ে এনটিআরসিএ নিবন্ধনধারী সহকারী শিক্ষক (ইংরেজি)-১টি পদে নিয়োগ দেয়া হবে। বিজ্ঞপ্তি প্রকাশের ১৫ দিনের মধ্যে আবেদনপত্র পৌঁছাতে হবে। সভাপতি।
সূত্র ঃ ১৪/০৮/২০২৩ যুগান্তর
